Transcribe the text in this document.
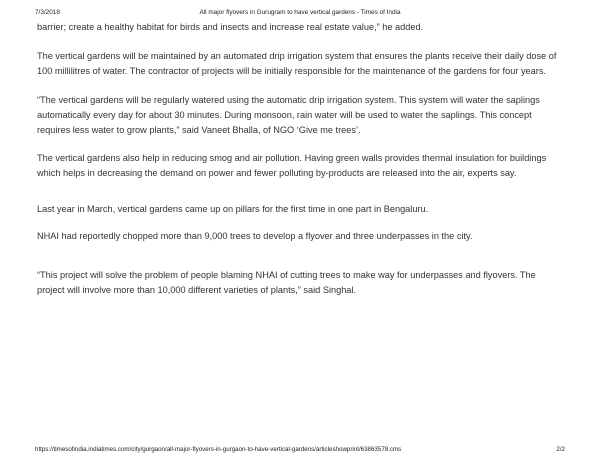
7/3/2018	All major flyovers in Gurugram to have vertical gardens - Times of India

barrier; create a healthy habitat for birds and insects and increase real estate value,” he added.

The vertical gardens will be maintained by an automated drip irrigation system that ensures the plants receive their daily dose of 100 millilitres of water. The contractor of projects will be initially responsible for the maintenance of the gardens for four years.

“The vertical gardens will be regularly watered using the automatic drip irrigation system. This system will water the saplings automatically every day for about 30 minutes. During monsoon, rain water will be used to water the saplings. This concept requires less water to grow plants,” said Vaneet Bhalla, of NGO ‘Give me trees’.

The vertical gardens also help in reducing smog and air pollution. Having green walls provides thermal insulation for buildings which helps in decreasing the demand on power and fewer polluting by-products are released into the air, experts say.

Last year in March, vertical gardens came up on pillars for the first time in one part in Bengaluru.

NHAI had reportedly chopped more than 9,000 trees to develop a flyover and three underpasses in the city.

“This project will solve the problem of people blaming NHAI of cutting trees to make way for underpasses and flyovers. The project will involve more than 10,000 different varieties of plants,” said Singhal.

https://timesofindia.indiatimes.com/city/gurgaon/all-major-flyovers-in-gurgaon-to-have-vertical-gardens/articleshowprint/63863578.cms	2/2
